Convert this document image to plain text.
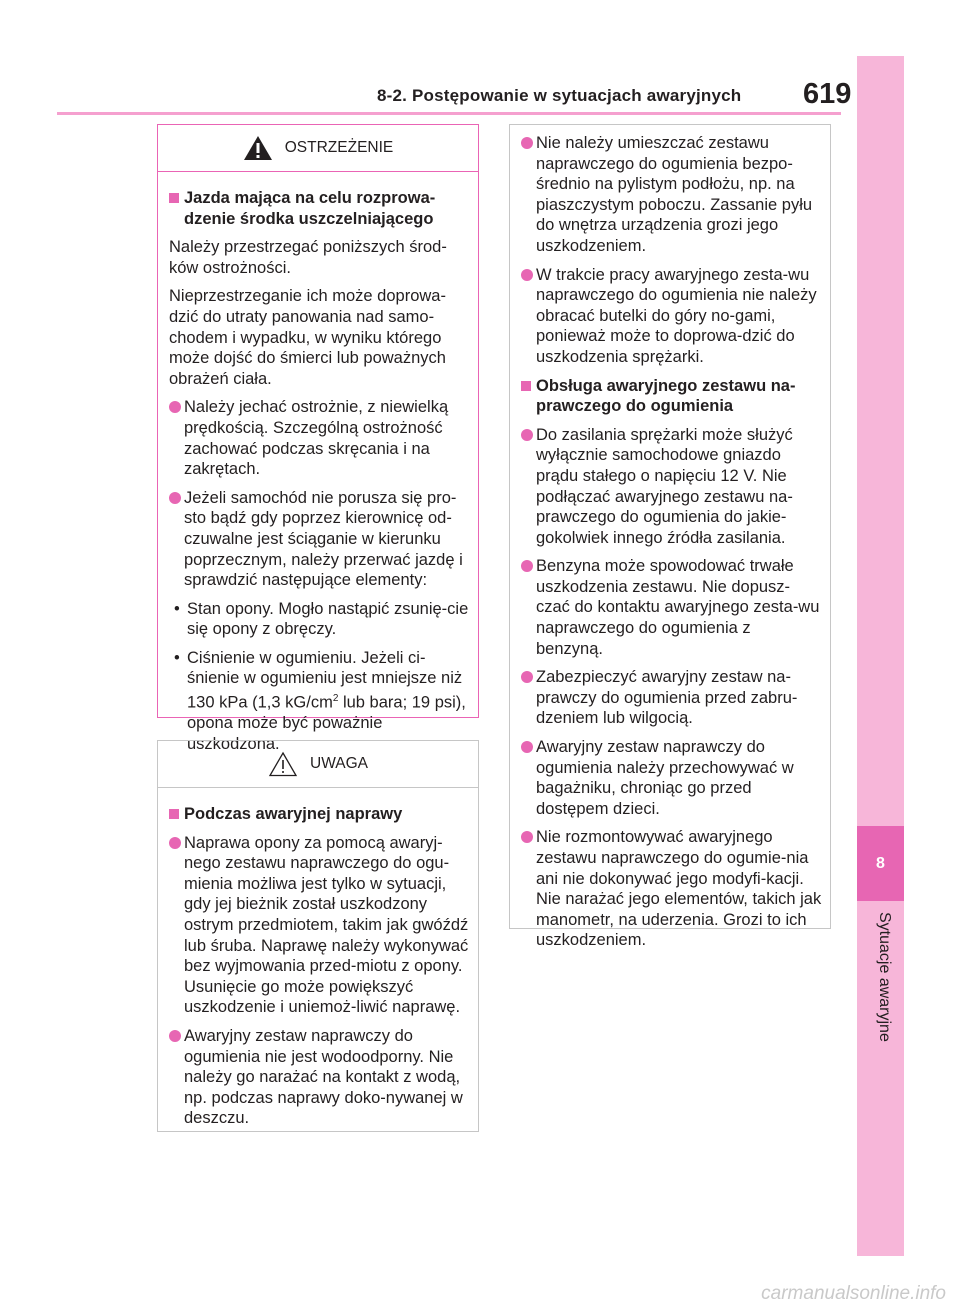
8-2. Postępowanie w sytuacjach awaryjnych 619
8
Sytuacje awaryjne
OSTRZEŻENIE
Jazda mająca na celu rozprowa-dzenie środka uszczelniającego
Należy przestrzegać poniższych środ-ków ostrożności.
Nieprzestrzeganie ich może doprowa-dzić do utraty panowania nad samo-chodem i wypadku, w wyniku którego może dojść do śmierci lub poważnych obrażeń ciała.
Należy jechać ostrożnie, z niewielką prędkością. Szczególną ostrożność zachować podczas skręcania i na zakrętach.
Jeżeli samochód nie porusza się pro-sto bądź gdy poprzez kierownicę od-czuwalne jest ściąganie w kierunku poprzecznym, należy przerwać jazdę i sprawdzić następujące elementy:
• Stan opony. Mogło nastąpić zsunię-cie się opony z obręczy.
• Ciśnienie w ogumieniu. Jeżeli ci-śnienie w ogumieniu jest mniejsze niż 130 kPa (1,3 $kG/cm^2$ lub bara; 19 psi), opona może być poważnie uszkodzona.
UWAGA
Podczas awaryjnej naprawy
Naprawa opony za pomocą awaryj-nego zestawu naprawczego do ogu-mienia możliwa jest tylko w sytuacji, gdy jej bieżnik został uszkodzony ostrym przedmiotem, takim jak gwóźdź lub śruba. Naprawę należy wykonywać bez wyjmowania przed-miotu z opony. Usunięcie go może powiększyć uszkodzenie i uniemoż-liwić naprawę.
Awaryjny zestaw naprawczy do ogumienia nie jest wodoodporny. Nie należy go narażać na kontakt z wodą, np. podczas naprawy doko-nywanej w deszczu.
Nie należy umieszczać zestawu naprawczego do ogumienia bezpo-średnio na pylistym podłożu, np. na piaszczystym poboczu. Zassanie pyłu do wnętrza urządzenia grozi jego uszkodzeniem.
W trakcie pracy awaryjnego zesta-wu naprawczego do ogumienia nie należy obracać butelki do góry no-gami, ponieważ może to doprowa-dzić do uszkodzenia sprężarki.
Obsługa awaryjnego zestawu na-prawczego do ogumienia
Do zasilania sprężarki może służyć wyłącznie samochodowe gniazdo prądu stałego o napięciu 12 V. Nie podłączać awaryjnego zestawu na-prawczego do ogumienia do jakie-gokolwiek innego źródła zasilania.
Benzyna może spowodować trwałe uszkodzenia zestawu. Nie dopusz-czać do kontaktu awaryjnego zesta-wu naprawczego do ogumienia z benzyną.
Zabezpieczyć awaryjny zestaw na-prawczy do ogumienia przed zabru-dzeniem lub wilgocią.
Awaryjny zestaw naprawczy do ogumienia należy przechowywać w bagażniku, chroniąc go przed dostępem dzieci.
Nie rozmontowywać awaryjnego zestawu naprawczego do ogumie-nia ani nie dokonywać jego modyfi-kacji. Nie narażać jego elementów, takich jak manometr, na uderzenia. Grozi to ich uszkodzeniem.
carmanualsonline.info
